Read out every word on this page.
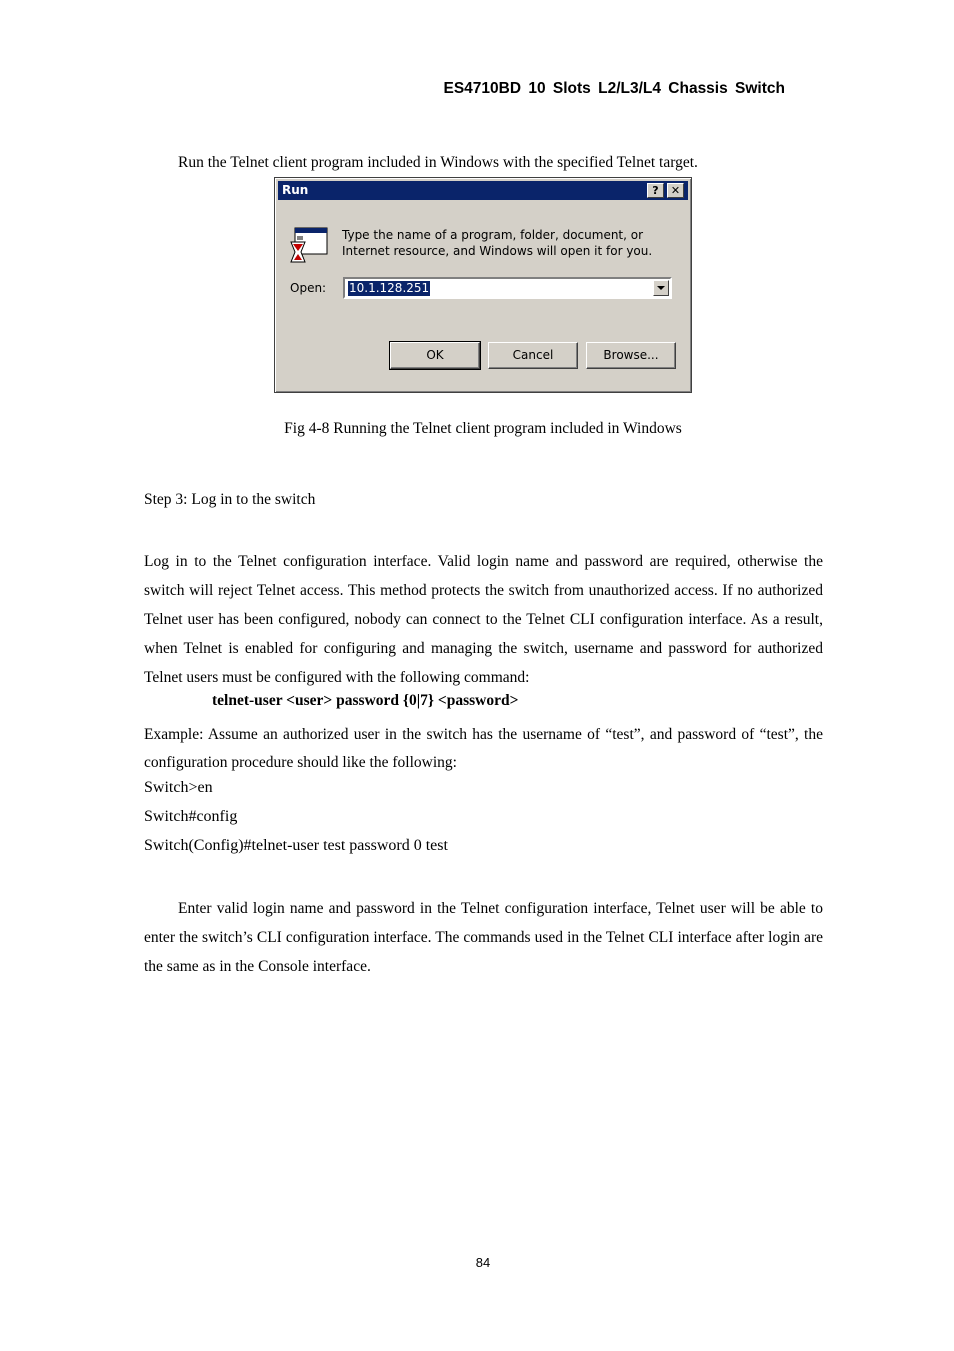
ES4710BD 10 Slots L2/L3/L4 Chassis Switch
Run the Telnet client program included in Windows with the specified Telnet target.
Run	?	✕
Type the name of a program, folder, document, or Internet resource, and Windows will open it for you.
Open: 10.1.128.251
OK	Cancel	Browse...
Fig 4-8 Running the Telnet client program included in Windows
Step 3: Log in to the switch
Log in to the Telnet configuration interface. Valid login name and password are required, otherwise the switch will reject Telnet access. This method protects the switch from unauthorized access. If no authorized Telnet user has been configured, nobody can connect to the Telnet CLI configuration interface. As a result, when Telnet is enabled for configuring and managing the switch, username and password for authorized Telnet users must be configured with the following command:
telnet-user <user> password {0|7} <password>
Example: Assume an authorized user in the switch has the username of “test”, and password of “test”, the configuration procedure should like the following:
Switch>en
Switch#config
Switch(Config)#telnet-user test password 0 test
Enter valid login name and password in the Telnet configuration interface, Telnet user will be able to enter the switch’s CLI configuration interface. The commands used in the Telnet CLI interface after login are the same as in the Console interface.
84
